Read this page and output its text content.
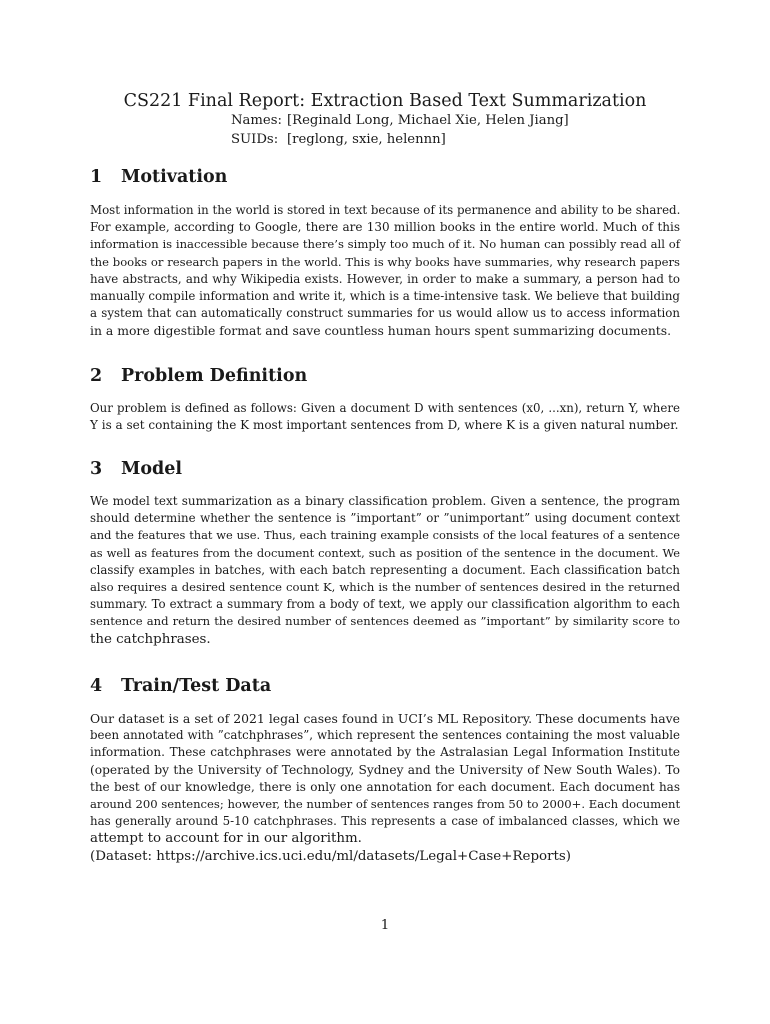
CS221 Final Report: Extraction Based Text Summarization
Names: [Reginald Long, Michael Xie, Helen Jiang]
SUIDs: [reglong, sxie, helennn]
1 Motivation
Most information in the world is stored in text because of its permanence and ability to be shared.
For example, according to Google, there are 130 million books in the entire world. Much of this
information is inaccessible because there’s simply too much of it. No human can possibly read all of
the books or research papers in the world. This is why books have summaries, why research papers
have abstracts, and why Wikipedia exists. However, in order to make a summary, a person had to
manually compile information and write it, which is a time-intensive task. We believe that building
a system that can automatically construct summaries for us would allow us to access information
in a more digestible format and save countless human hours spent summarizing documents.
2 Problem Definition
Our problem is defined as follows: Given a document D with sentences (x0, ...xn), return Y, where
Y is a set containing the K most important sentences from D, where K is a given natural number.
3 Model
We model text summarization as a binary classification problem. Given a sentence, the program
should determine whether the sentence is ”important” or ”unimportant” using document context
and the features that we use. Thus, each training example consists of the local features of a sentence
as well as features from the document context, such as position of the sentence in the document. We
classify examples in batches, with each batch representing a document. Each classification batch
also requires a desired sentence count K, which is the number of sentences desired in the returned
summary. To extract a summary from a body of text, we apply our classification algorithm to each
sentence and return the desired number of sentences deemed as ”important” by similarity score to
the catchphrases.
4 Train/Test Data
Our dataset is a set of 2021 legal cases found in UCI’s ML Repository. These documents have
been annotated with ”catchphrases”, which represent the sentences containing the most valuable
information. These catchphrases were annotated by the Astralasian Legal Information Institute
(operated by the University of Technology, Sydney and the University of New South Wales). To
the best of our knowledge, there is only one annotation for each document. Each document has
around 200 sentences; however, the number of sentences ranges from 50 to 2000+. Each document
has generally around 5-10 catchphrases. This represents a case of imbalanced classes, which we
attempt to account for in our algorithm.
(Dataset: https://archive.ics.uci.edu/ml/datasets/Legal+Case+Reports)
1
